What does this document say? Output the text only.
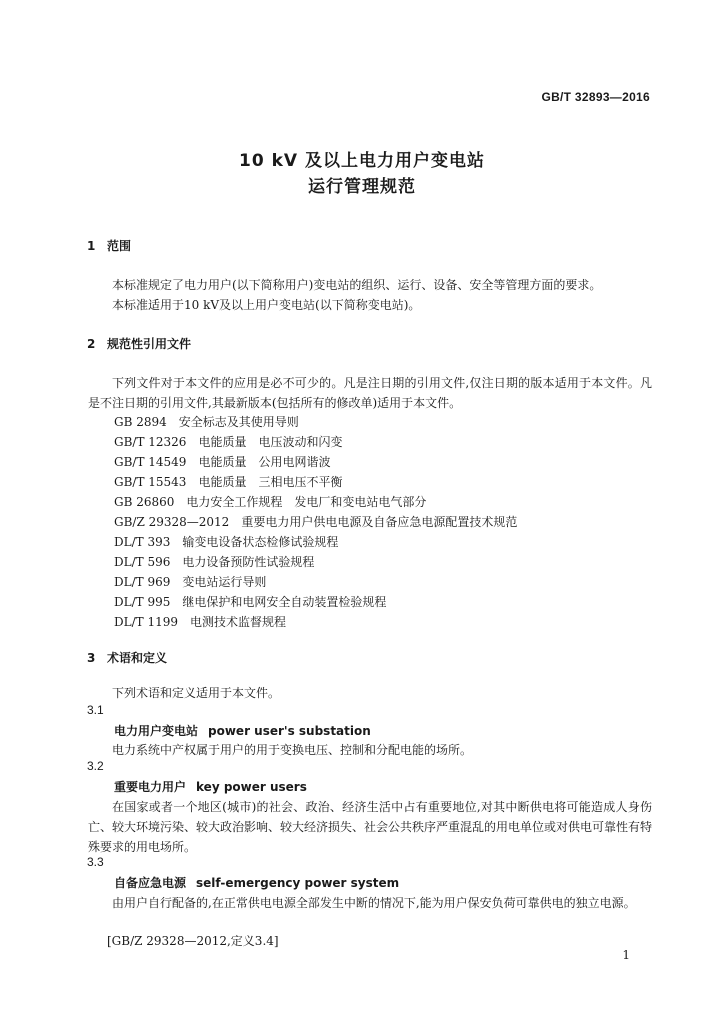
GB/T 32893—2016
10 kV 及以上电力用户变电站
运行管理规范
1 范围
本标准规定了电力用户(以下简称用户)变电站的组织、运行、设备、安全等管理方面的要求。
本标准适用于10 kV及以上用户变电站(以下简称变电站)。
2 规范性引用文件
下列文件对于本文件的应用是必不可少的。凡是注日期的引用文件,仅注日期的版本适用于本文件。凡是不注日期的引用文件,其最新版本(包括所有的修改单)适用于本文件。
GB 2894　安全标志及其使用导则
GB/T 12326　电能质量　电压波动和闪变
GB/T 14549　电能质量　公用电网谐波
GB/T 15543　电能质量　三相电压不平衡
GB 26860　电力安全工作规程　发电厂和变电站电气部分
GB/Z 29328—2012　重要电力用户供电电源及自备应急电源配置技术规范
DL/T 393　输变电设备状态检修试验规程
DL/T 596　电力设备预防性试验规程
DL/T 969　变电站运行导则
DL/T 995　继电保护和电网安全自动装置检验规程
DL/T 1199　电测技术监督规程
3 术语和定义
下列术语和定义适用于本文件。
3.1
电力用户变电站 power user's substation
电力系统中产权属于用户的用于变换电压、控制和分配电能的场所。
3.2
重要电力用户 key power users
在国家或者一个地区(城市)的社会、政治、经济生活中占有重要地位,对其中断供电将可能造成人身伤亡、较大环境污染、较大政治影响、较大经济损失、社会公共秩序严重混乱的用电单位或对供电可靠性有特殊要求的用电场所。
3.3
自备应急电源 self-emergency power system
由用户自行配备的,在正常供电电源全部发生中断的情况下,能为用户保安负荷可靠供电的独立电源。
[GB/Z 29328—2012,定义3.4]
1
